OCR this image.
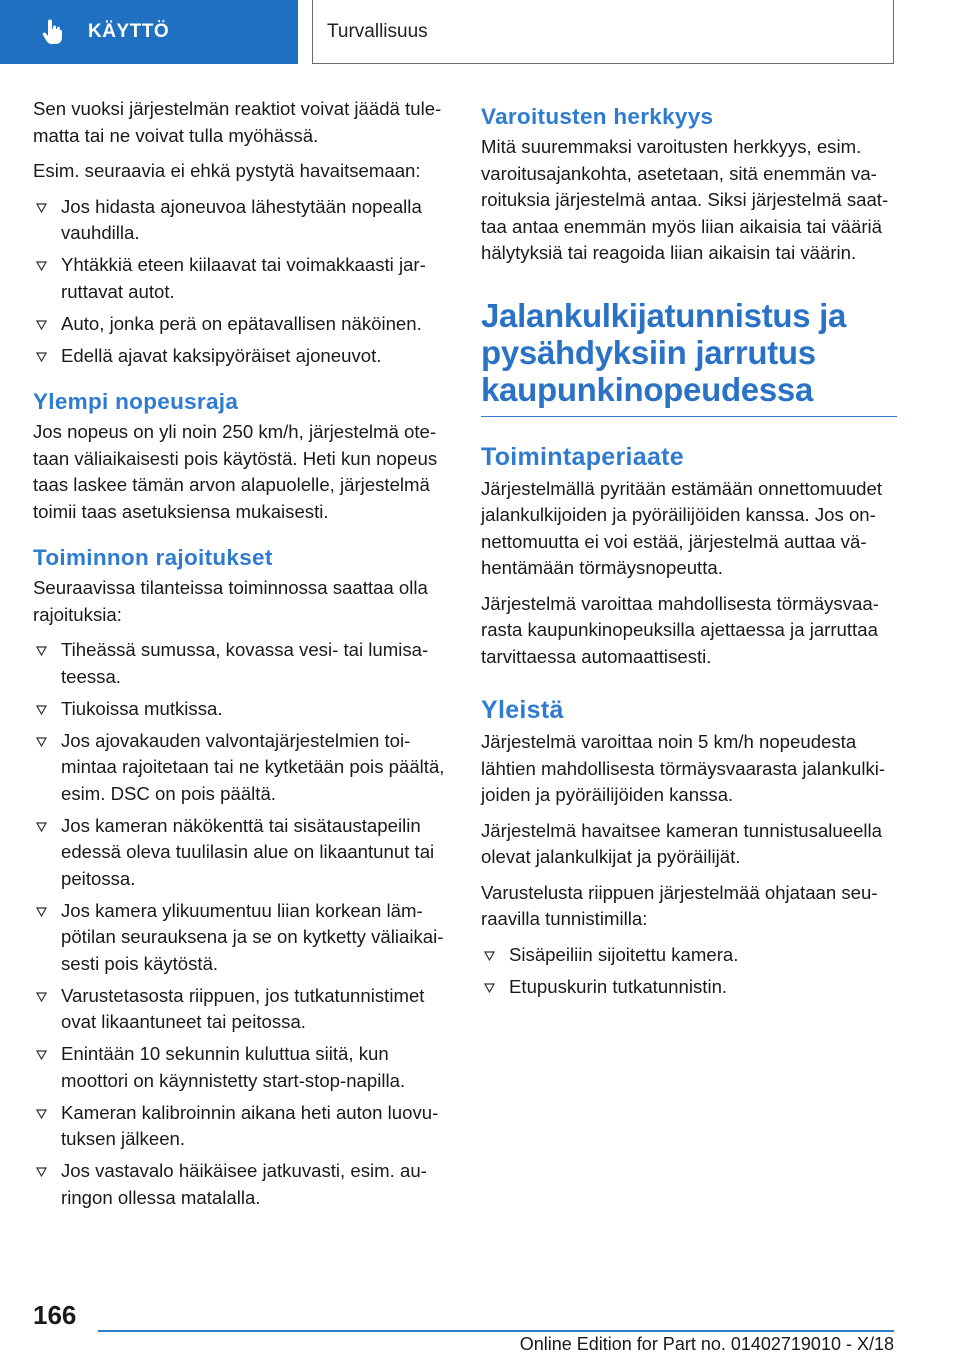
KÄYTTÖ	Turvallisuus

Sen vuoksi järjestelmän reaktiot voivat jäädä tulematta tai ne voivat tulla myöhässä.

Esim. seuraavia ei ehkä pystytä havaitsemaan:

Jos hidasta ajoneuvoa lähestytään nopealla vauhdilla.
Yhtäkkiä eteen kiilaavat tai voimakkaasti jarruttavat autot.
Auto, jonka perä on epätavallisen näköinen.
Edellä ajavat kaksipyöräiset ajoneuvot.
Ylempi nopeusraja

Jos nopeus on yli noin 250 km/h, järjestelmä otetaan väliaikaisesti pois käytöstä. Heti kun nopeus taas laskee tämän arvon alapuolelle, järjestelmä toimii taas asetuksiensa mukaisesti.

Toiminnon rajoitukset

Seuraavissa tilanteissa toiminnossa saattaa olla rajoituksia:

Tiheässä sumussa, kovassa vesi- tai lumisateessa.
Tiukoissa mutkissa.
Jos ajovakauden valvontajärjestelmien toimintaa rajoitetaan tai ne kytketään pois päältä, esim. DSC on pois päältä.
Jos kameran näkökenttä tai sisätaustapeilin edessä oleva tuulilasin alue on likaantunut tai peitossa.
Jos kamera ylikuumentuu liian korkean lämpötilan seurauksena ja se on kytketty väliaikaisesti pois käytöstä.
Varustetasosta riippuen, jos tutkatunnistimet ovat likaantuneet tai peitossa.
Enintään 10 sekunnin kuluttua siitä, kun moottori on käynnistetty start-stop-napilla.
Kameran kalibroinnin aikana heti auton luovutuksen jälkeen.
Jos vastavalo häikäisee jatkuvasti, esim. auringon ollessa matalalla.
Varoitusten herkkyys

Mitä suuremmaksi varoitusten herkkyys, esim. varoitusajankohta, asetetaan, sitä enemmän varoituksia järjestelmä antaa. Siksi järjestelmä saattaa antaa enemmän myös liian aikaisia tai vääriä hälytyksiä tai reagoida liian aikaisin tai väärin.

Jalankulkijatunnistus ja pysähdyksiin jarrutus kaupunkinopeudessa
Toimintaperiaate

Järjestelmällä pyritään estämään onnettomuudet jalankulkijoiden ja pyöräilijöiden kanssa. Jos onnettomuutta ei voi estää, järjestelmä auttaa vähentämään törmäysnopeutta.

Järjestelmä varoittaa mahdollisesta törmäysvaarasta kaupunkinopeuksilla ajettaessa ja jarruttaa tarvittaessa automaattisesti.

Yleistä

Järjestelmä varoittaa noin 5 km/h nopeudesta lähtien mahdollisesta törmäysvaarasta jalankulkijoiden ja pyöräilijöiden kanssa.

Järjestelmä havaitsee kameran tunnistusalueella olevat jalankulkijat ja pyöräilijät.

Varustelusta riippuen järjestelmää ohjataan seuraavilla tunnistimilla:

Sisäpeiliin sijoitettu kamera.
Etupuskurin tutkatunnistin.
166
Online Edition for Part no. 01402719010 - X/18
